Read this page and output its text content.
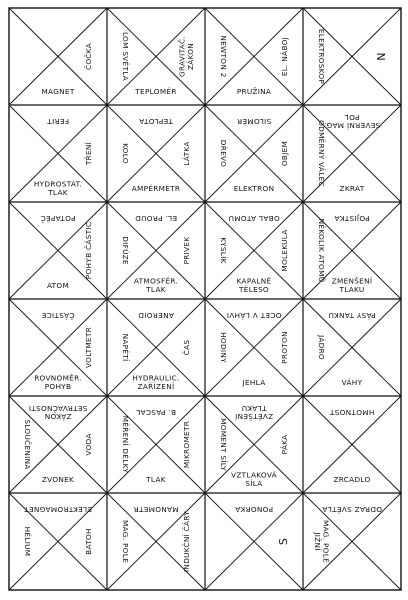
MAGNET
ČOČKA
TEPLOMĚR
LOM SVĚTLA	GRAVITAČ. ZÁKON
PRUŽINA
NEWTON 2	EL. NÁBOJ	ELEKTROSKOP	N
FERIT
HYDROSTAT.
TLAK
TŘENÍ
TEPLOTA
AMPÉRMETR
KOLO	LÁTKA
SILOMĚR
ELEKTRON
DŘEVO	OBJEM
SEVERNÍ MAG.
POL
ZKRAT
ODMĚRNÝ VÁLEC
POTAPĚČ
ATOM
POHYB ČÁSTIC
EL. PROUD
ATMOSFÉR.
TLAK
DIFÚZE	PRIVEK
OBAL ATOMU
KAPALNÉ
TĚLESO
KYSLÍK	MOLEKULA
POJISTKA
ZMENŠENÍ
TLAKU
NĚKOLIK ATOMŮ
ČÁSTICE
ROVNOMĚR.
POHYB
VOLTMETR
ANEROID
HYDRAULIC.
ZAŘÍZENÍ
NAPĚTÍ	ČAS
OCET V LÁHVI
JEHLA
HODINY	PROTON
PÁSY TANKU
VÁHY
JÁDRO
ZÁKON
SETRVAČNOSTI
ZVONEK
SLOUČENINA	VODA
B. PASCAL
TLAK
MĚŘENÍ DÉLKY	MIKROMETR
ZVĚTŠENÍ
TLAKU
VZTLAKOVÁ
SÍLA
MOMENT SÍLY	PÁKA
HMOTNOST
ZRCADLO
ELEKTROMAGNET
HÉLIUM	BATOH
MANOMETR
MAG. POLE	INDUKČNÍ ČÁRY
PONORKA
S
ODRAZ SVĚTLA
MAG. POLE
JIŽNÍ
